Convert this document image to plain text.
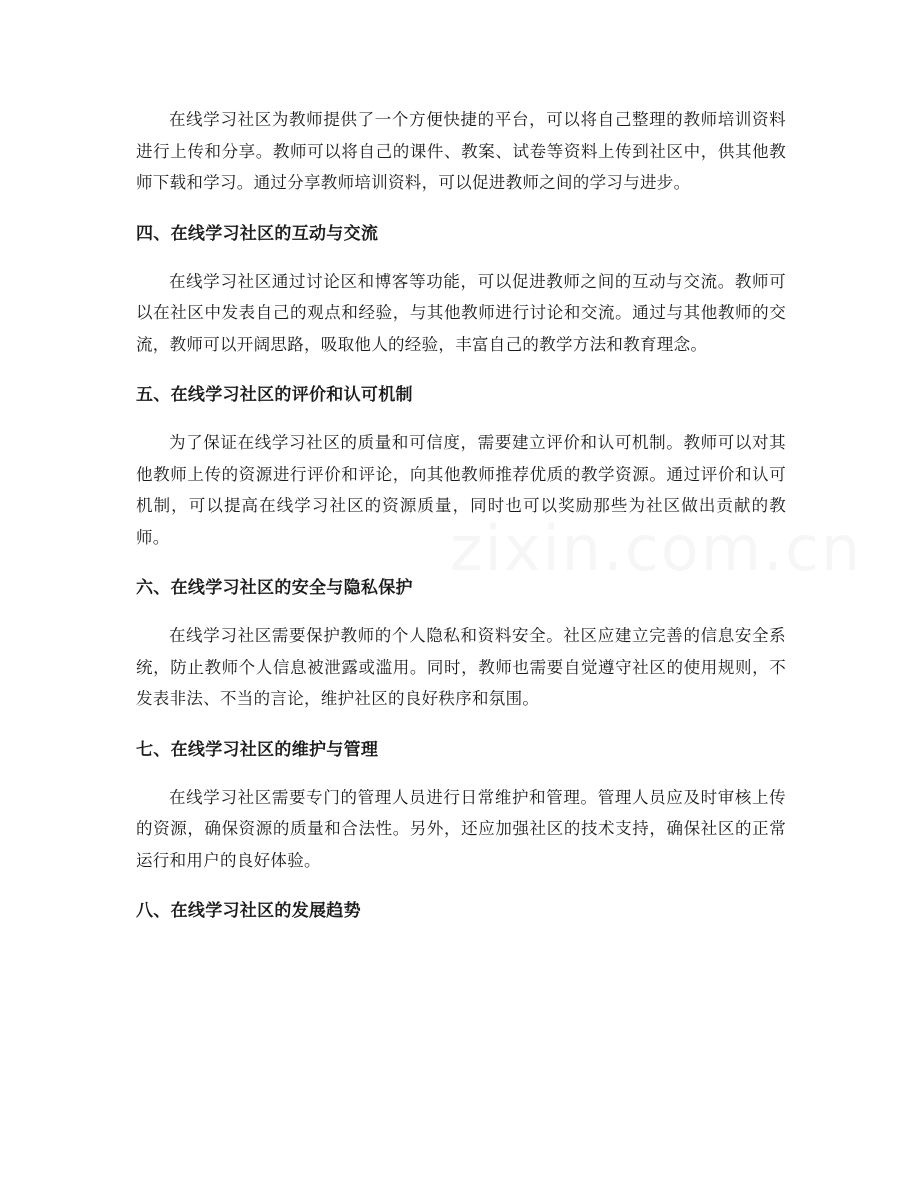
在线学习社区为教师提供了一个方便快捷的平台，可以将自己整理的教师培训资料进行上传和分享。教师可以将自己的课件、教案、试卷等资料上传到社区中，供其他教师下载和学习。通过分享教师培训资料，可以促进教师之间的学习与进步。

四、在线学习社区的互动与交流

在线学习社区通过讨论区和博客等功能，可以促进教师之间的互动与交流。教师可以在社区中发表自己的观点和经验，与其他教师进行讨论和交流。通过与其他教师的交流，教师可以开阔思路，吸取他人的经验，丰富自己的教学方法和教育理念。

五、在线学习社区的评价和认可机制

为了保证在线学习社区的质量和可信度，需要建立评价和认可机制。教师可以对其他教师上传的资源进行评价和评论，向其他教师推荐优质的教学资源。通过评价和认可机制，可以提高在线学习社区的资源质量，同时也可以奖励那些为社区做出贡献的教师。

六、在线学习社区的安全与隐私保护

在线学习社区需要保护教师的个人隐私和资料安全。社区应建立完善的信息安全系统，防止教师个人信息被泄露或滥用。同时，教师也需要自觉遵守社区的使用规则，不发表非法、不当的言论，维护社区的良好秩序和氛围。

七、在线学习社区的维护与管理

在线学习社区需要专门的管理人员进行日常维护和管理。管理人员应及时审核上传的资源，确保资源的质量和合法性。另外，还应加强社区的技术支持，确保社区的正常运行和用户的良好体验。

八、在线学习社区的发展趋势
